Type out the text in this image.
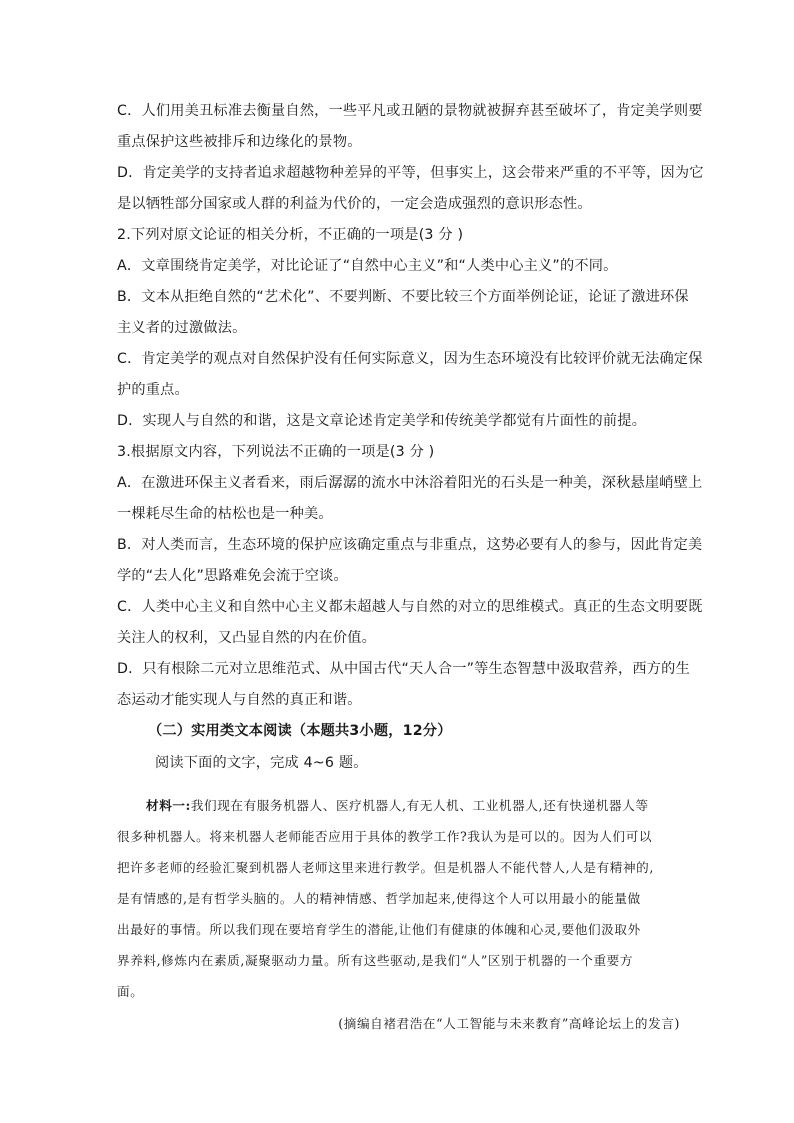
C．人们用美丑标准去衡量自然，一些平凡或丑陋的景物就被摒弃甚至破坏了，肯定美学则要
重点保护这些被排斥和边缘化的景物。
D．肯定美学的支持者追求超越物种差异的平等，但事实上，这会带来严重的不平等，因为它
是以牺牲部分国家或人群的利益为代价的，一定会造成强烈的意识形态性。
2.下列对原文论证的相关分析，不正确的一项是(3 分 )
A．文章围绕肯定美学，对比论证了“自然中心主义”和“人类中心主义”的不同。
B．文本从拒绝自然的“艺术化”、不要判断、不要比较三个方面举例论证，论证了激进环保
主义者的过激做法。
C．肯定美学的观点对自然保护没有任何实际意义，因为生态环境没有比较评价就无法确定保
护的重点。
D．实现人与自然的和谐，这是文章论述肯定美学和传统美学都觉有片面性的前提。
3.根据原文内容，下列说法不正确的一项是(3 分 )
A．在激进环保主义者看来，雨后潺潺的流水中沐浴着阳光的石头是一种美，深秋悬崖峭壁上
一棵耗尽生命的枯松也是一种美。
B．对人类而言，生态环境的保护应该确定重点与非重点，这势必要有人的参与，因此肯定美
学的“去人化”思路难免会流于空谈。
C．人类中心主义和自然中心主义都未超越人与自然的对立的思维模式。真正的生态文明要既
关注人的权利，又凸显自然的内在价值。
D．只有根除二元对立思维范式、从中国古代“天人合一”等生态智慧中汲取营养，西方的生
态运动才能实现人与自然的真正和谐。
（二）实用类文本阅读（本题共3小题，12分）
阅读下面的文字，完成 4~6 题。
材料一:我们现在有服务机器人、医疗机器人,有无人机、工业机器人,还有快递机器人等
很多种机器人。将来机器人老师能否应用于具体的教学工作?我认为是可以的。因为人们可以
把许多老师的经验汇聚到机器人老师这里来进行教学。但是机器人不能代替人,人是有精神的,
是有情感的,是有哲学头脑的。人的精神情感、哲学加起来,使得这个人可以用最小的能量做
出最好的事情。所以我们现在要培育学生的潜能,让他们有健康的体魄和心灵,要他们汲取外
界养料,修炼内在素质,凝聚驱动力量。所有这些驱动,是我们“人”区别于机器的一个重要方
面。
(摘编自褚君浩在“人工智能与未来教育”高峰论坛上的发言)
